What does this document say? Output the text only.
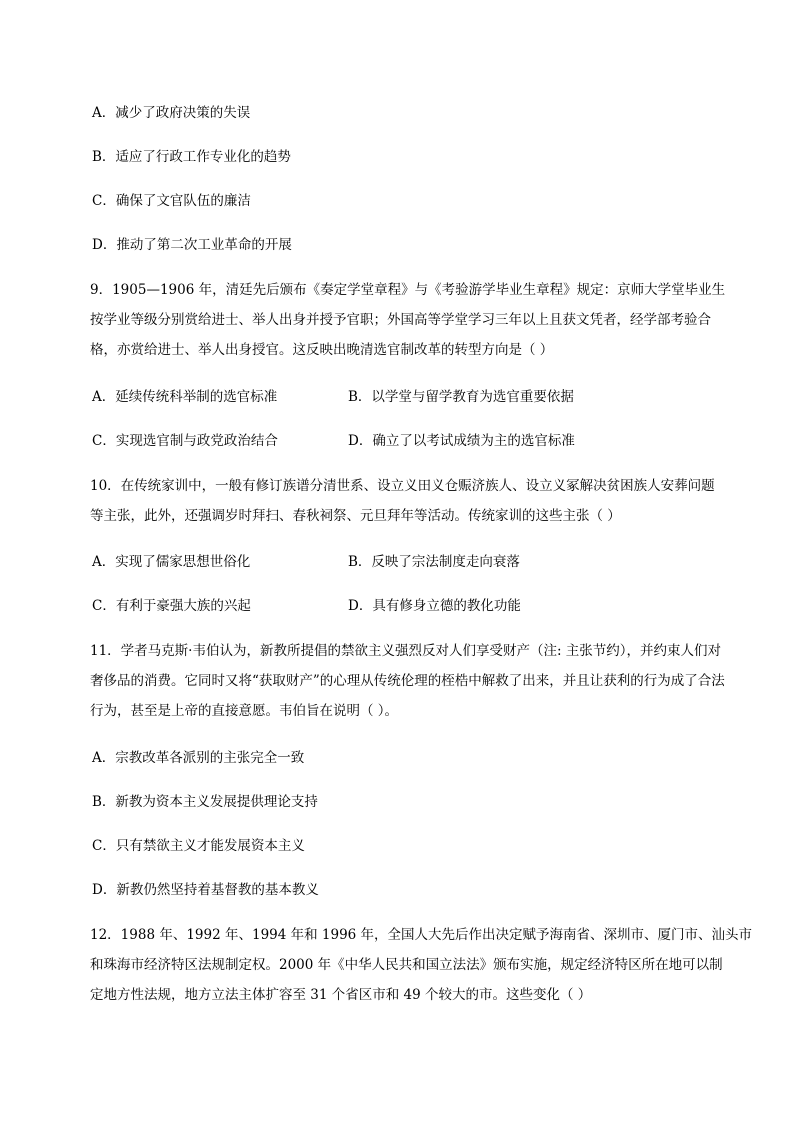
A．减少了政府决策的失误
B．适应了行政工作专业化的趋势
C．确保了文官队伍的廉洁
D．推动了第二次工业革命的开展
9．1905—1906 年，清廷先后颁布《奏定学堂章程》与《考验游学毕业生章程》规定：京师大学堂毕业生
按学业等级分别赏给进士、举人出身并授予官职；外国高等学堂学习三年以上且获文凭者，经学部考验合
格，亦赏给进士、举人出身授官。这反映出晚清选官制改革的转型方向是（ ）
A．延续传统科举制的选官标准	B．以学堂与留学教育为选官重要依据
C．实现选官制与政党政治结合	D．确立了以考试成绩为主的选官标准
10．在传统家训中，一般有修订族谱分清世系、设立义田义仓赈济族人、设立义冢解决贫困族人安葬问题
等主张，此外，还强调岁时拜扫、春秋祠祭、元旦拜年等活动。传统家训的这些主张（ ）
A．实现了儒家思想世俗化	B．反映了宗法制度走向衰落
C．有利于豪强大族的兴起	D．具有修身立德的教化功能
11．学者马克斯·韦伯认为，新教所提倡的禁欲主义强烈反对人们享受财产（注: 主张节约），并约束人们对
奢侈品的消费。它同时又将“获取财产”的心理从传统伦理的桎梏中解救了出来，并且让获利的行为成了合法
行为，甚至是上帝的直接意愿。韦伯旨在说明（ ）。
A．宗教改革各派别的主张完全一致
B．新教为资本主义发展提供理论支持
C．只有禁欲主义才能发展资本主义
D．新教仍然坚持着基督教的基本教义
12．1988 年、1992 年、1994 年和 1996 年，全国人大先后作出决定赋予海南省、深圳市、厦门市、汕头市
和珠海市经济特区法规制定权。2000 年《中华人民共和国立法法》颁布实施，规定经济特区所在地可以制
定地方性法规，地方立法主体扩容至 31 个省区市和 49 个较大的市。这些变化（ ）
